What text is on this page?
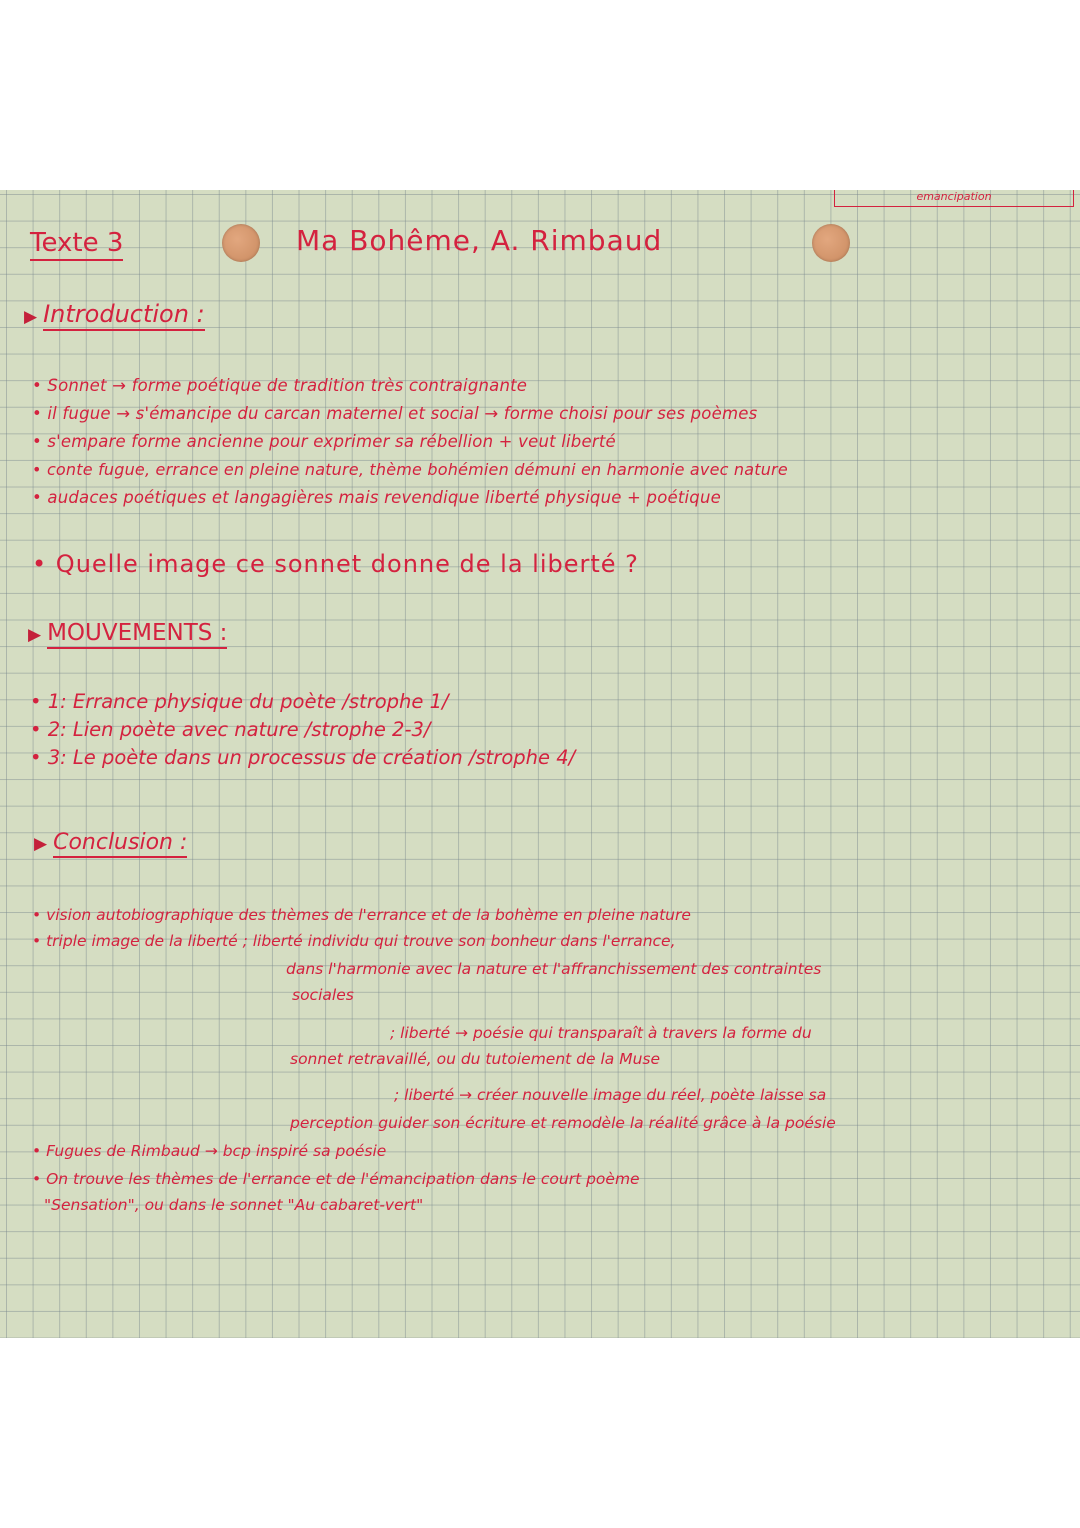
emancipation
Texte 3	Ma Bohême, A. Rimbaud
▶ Introduction :
• Sonnet → forme poétique de tradition très contraignante
• il fugue → s'émancipe du carcan maternel et social → forme choisi pour ses poèmes
• s'empare forme ancienne pour exprimer sa rébellion + veut liberté
• conte fugue, errance en pleine nature, thème bohémien démuni en harmonie avec nature
• audaces poétiques et langagières mais revendique liberté physique + poétique
• Quelle image ce sonnet donne de la liberté ?
▶ MOUVEMENTS :
• 1: Errance physique du poète /strophe 1/
• 2: Lien poète avec nature /strophe 2-3/
• 3: Le poète dans un processus de création /strophe 4/
▶ Conclusion :
• vision autobiographique des thèmes de l'errance et de la bohème en pleine nature
• triple image de la liberté ; liberté individu qui trouve son bonheur dans l'errance,
dans l'harmonie avec la nature et l'affranchissement des contraintes
sociales
; liberté → poésie qui transparaît à travers la forme du
sonnet retravaillé, ou du tutoiement de la Muse
; liberté → créer nouvelle image du réel, poète laisse sa
perception guider son écriture et remodèle la réalité grâce à la poésie
• Fugues de Rimbaud → bcp inspiré sa poésie
• On trouve les thèmes de l'errance et de l'émancipation dans le court poème
"Sensation", ou dans le sonnet "Au cabaret-vert"
